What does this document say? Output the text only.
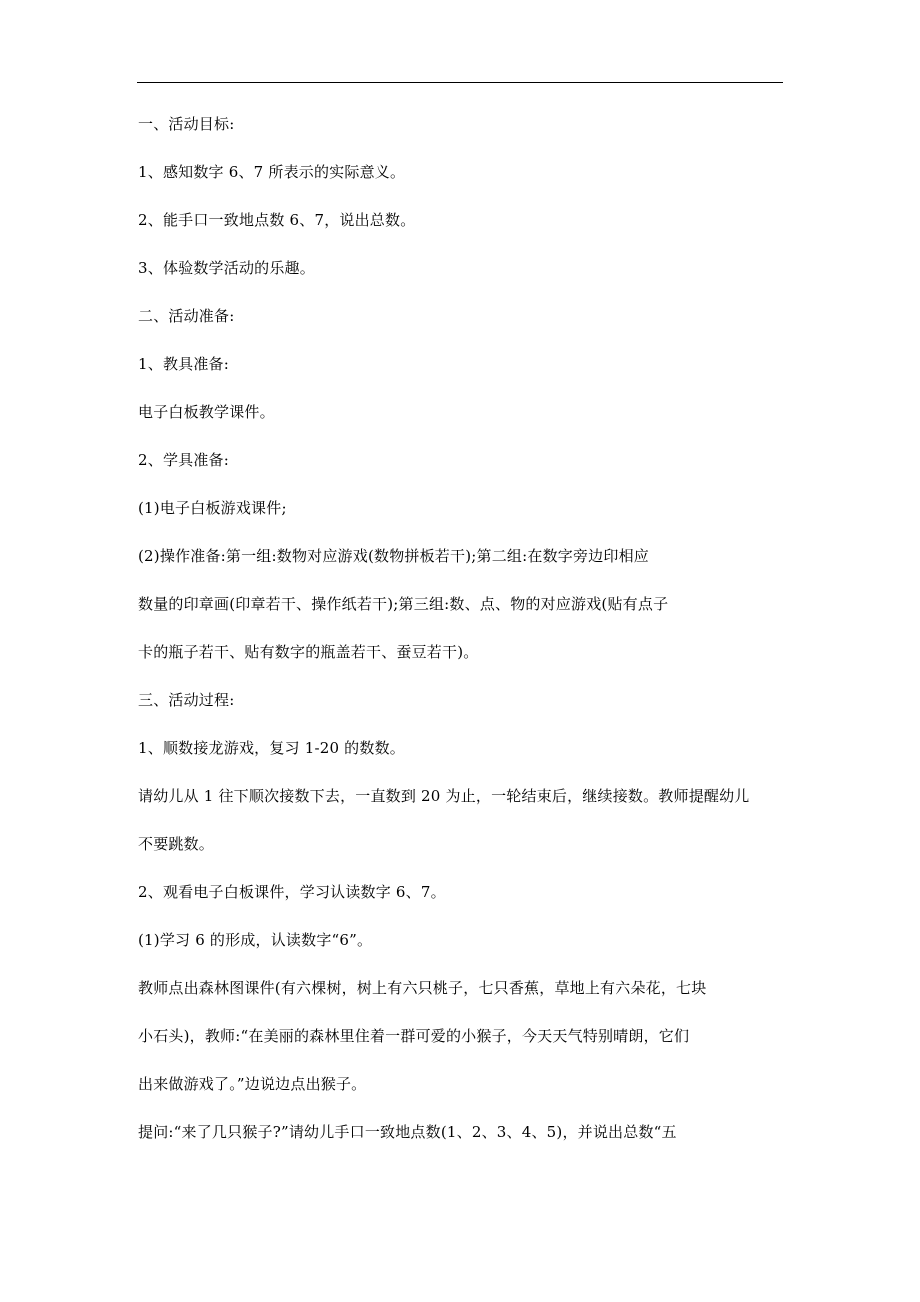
一、活动目标:
1、感知数字 6、7 所表示的实际意义。
2、能手口一致地点数 6、7，说出总数。
3、体验数学活动的乐趣。
二、活动准备:
1、教具准备:
电子白板教学课件。
2、学具准备:
(1)电子白板游戏课件;
(2)操作准备:第一组:数物对应游戏(数物拼板若干);第二组:在数字旁边印相应
数量的印章画(印章若干、操作纸若干);第三组:数、点、物的对应游戏(贴有点子
卡的瓶子若干、贴有数字的瓶盖若干、蚕豆若干)。
三、活动过程:
1、顺数接龙游戏，复习 1-20 的数数。
请幼儿从 1 往下顺次接数下去，一直数到 20 为止，一轮结束后，继续接数。教师提醒幼儿
不要跳数。
2、观看电子白板课件，学习认读数字 6、7。
(1)学习 6 的形成，认读数字“6”。
教师点出森林图课件(有六棵树，树上有六只桃子，七只香蕉，草地上有六朵花，七块
小石头)，教师:“在美丽的森林里住着一群可爱的小猴子，今天天气特别晴朗，它们
出来做游戏了。”边说边点出猴子。
提问:“来了几只猴子?”请幼儿手口一致地点数(1、2、3、4、5)，并说出总数“五
